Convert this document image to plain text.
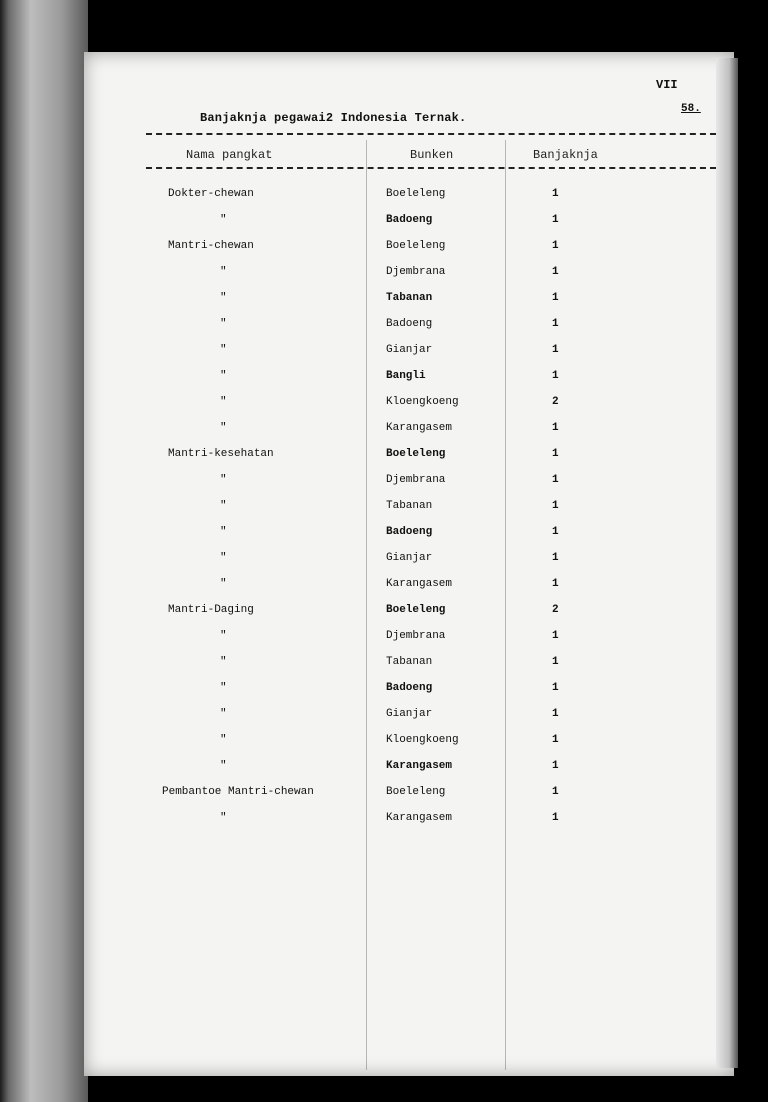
VII
58.
Banjaknja pegawai2 Indonesia Ternak.
Nama pangkat	Bunken	Banjaknja
Dokter-chewan	Boeleleng	1
"	Badoeng	1
Mantri-chewan	Boeleleng	1
"	Djembrana	1
"	Tabanan	1
"	Badoeng	1
"	Gianjar	1
"	Bangli	1
"	Kloengkoeng	2
"	Karangasem	1
Mantri-kesehatan	Boeleleng	1
"	Djembrana	1
"	Tabanan	1
"	Badoeng	1
"	Gianjar	1
"	Karangasem	1
Mantri-Daging	Boeleleng	2
"	Djembrana	1
"	Tabanan	1
"	Badoeng	1
"	Gianjar	1
"	Kloengkoeng	1
"	Karangasem	1
Pembantoe Mantri-chewan	Boeleleng	1
"	Karangasem	1
